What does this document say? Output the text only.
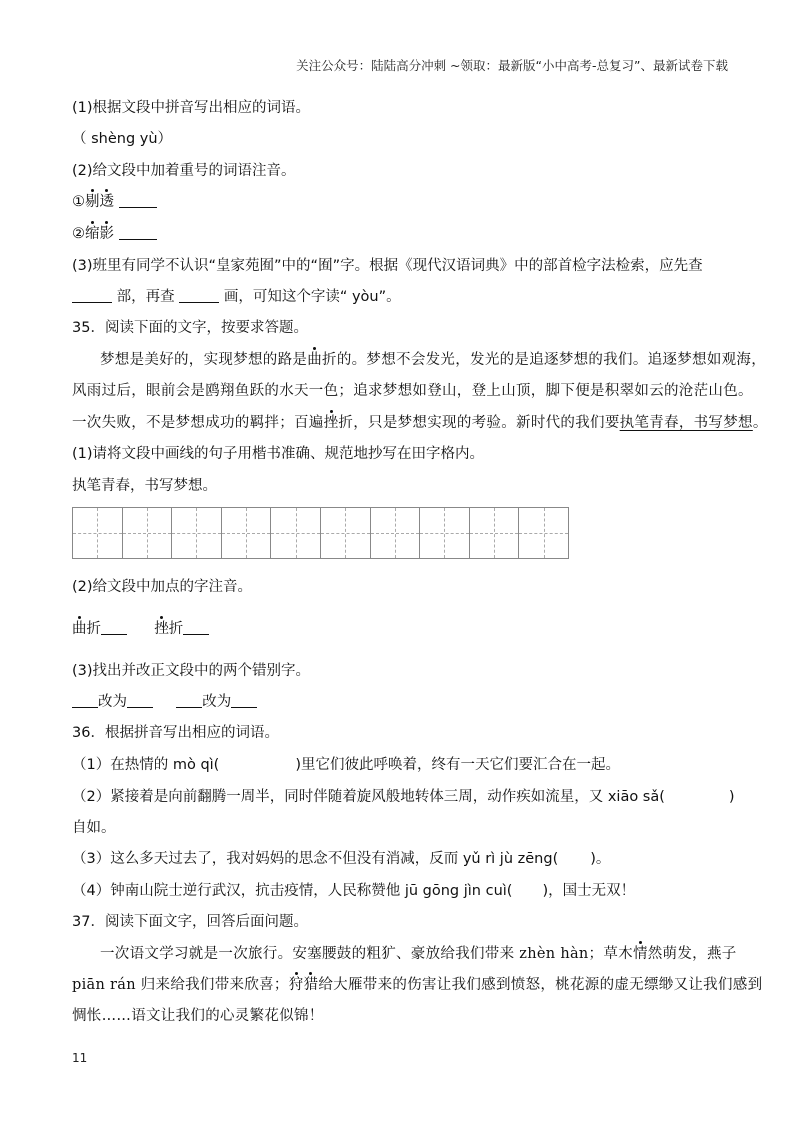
关注公众号：陆陆高分冲刺 ~领取：最新版“小中高考-总复习”、最新试卷下载
(1)根据文段中拼音写出相应的词语。
（ shèng yù）
(2)给文段中加着重号的词语注音。
①剔透
②缩影
(3)班里有同学不认识“皇家苑囿”中的“囿”字。根据《现代汉语词典》中的部首检字法检索，应先查
部，再查	画，可知这个字读“ yòu”。
35．阅读下面的文字，按要求答题。
梦想是美好的，实现梦想的路是曲折的。梦想不会发光，发光的是追逐梦想的我们。追逐梦想如观海，
风雨过后，眼前会是鸥翔鱼跃的水天一色；追求梦想如登山，登上山顶，脚下便是积翠如云的沧茫山色。
一次失败，不是梦想成功的羁拌；百遍挫折，只是梦想实现的考验。新时代的我们要执笔青春，书写梦想。
(1)请将文段中画线的句子用楷书准确、规范地抄写在田字格内。
执笔青春，书写梦想。
(2)给文段中加点的字注音。
曲折	挫折
(3)找出并改正文段中的两个错别字。
改为	改为
36．根据拼音写出相应的词语。
（1）在热情的 mò qì(	)里它们彼此呼唤着，终有一天它们要汇合在一起。
（2）紧接着是向前翻腾一周半，同时伴随着旋风般地转体三周，动作疾如流星，又 xiāo sǎ(	)
自如。
（3）这么多天过去了，我对妈妈的思念不但没有消减，反而 yǔ rì jù zēng( )。
（4）钟南山院士逆行武汉，抗击疫情，人民称赞他 jū gōng jìn cuì( )，国士无双！
37．阅读下面文字，回答后面问题。
一次语文学习就是一次旅行。安塞腰鼓的粗犷、豪放给我们带来 zhèn hàn；草木情然萌发，燕子
piān rán 归来给我们带来欣喜；狩猎给大雁带来的伤害让我们感到愤怒，桃花源的虚无缥缈又让我们感到
惆怅……语文让我们的心灵繁花似锦！
11
